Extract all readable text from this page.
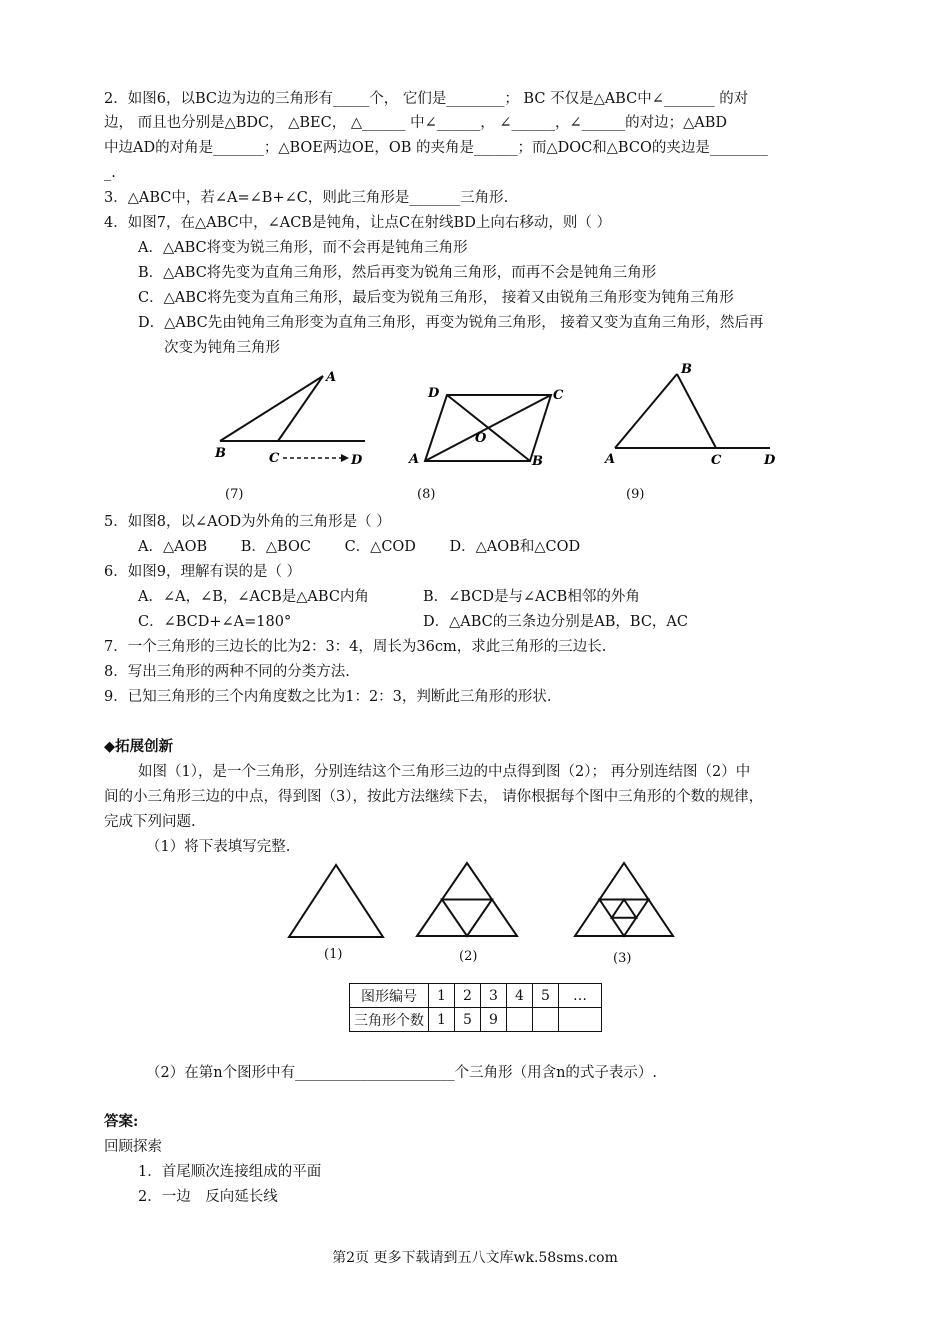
2．如图6，以BC边为边的三角形有_____个， 它们是________； BC 不仅是△ABC中∠_______ 的对
边， 而且也分别是△BDC， △BEC， △______ 中∠______， ∠______，∠______的对边；△ABD
中边AD的对角是_______；△BOE两边OE，OB 的夹角是______；而△DOC和△BCO的夹边是________
_.
3．△ABC中，若∠A=∠B+∠C，则此三角形是_______三角形.
4．如图7，在△ABC中，∠ACB是钝角，让点C在射线BD上向右移动，则（ ）
A．△ABC将变为锐三角形，而不会再是钝角三角形
B．△ABC将先变为直角三角形，然后再变为锐角三角形，而再不会是钝角三角形
C．△ABC将先变为直角三角形，最后变为锐角三角形， 接着又由锐角三角形变为钝角三角形
D．△ABC先由钝角三角形变为直角三角形，再变为锐角三角形， 接着又变为直角三角形，然后再
次变为钝角三角形
A
B	C	D
(7)
D	C
O
A	B
(8)
B
A	C	D
(9)
5．如图8，以∠AOD为外角的三角形是（ ）
A．△AOB　　 B．△BOC　　 C．△COD　　 D．△AOB和△COD
6．如图9，理解有误的是（ ）
A．∠A，∠B，∠ACB是△ABC内角	B．∠BCD是与∠ACB相邻的外角
C．∠BCD+∠A=180°	D．△ABC的三条边分别是AB，BC，AC
7．一个三角形的三边长的比为2：3：4，周长为36cm，求此三角形的三边长.
8．写出三角形的两种不同的分类方法.
9．已知三角形的三个内角度数之比为1：2：3，判断此三角形的形状.
◆拓展创新
如图（1），是一个三角形，分别连结这个三角形三边的中点得到图（2）； 再分别连结图（2）中
间的小三角形三边的中点，得到图（3），按此方法继续下去， 请你根据每个图中三角形的个数的规律，
完成下列问题.
（1）将下表填写完整.
(1)	(2)	(3)
图形编号	1	2	3	4	5	…
三角形个数	1	5	9			
（2）在第n个图形中有______________________个三角形（用含n的式子表示）.
答案:
回顾探索
1．首尾顺次连接组成的平面
2．一边　反向延长线
第2页 更多下载请到五八文库wk.58sms.com
